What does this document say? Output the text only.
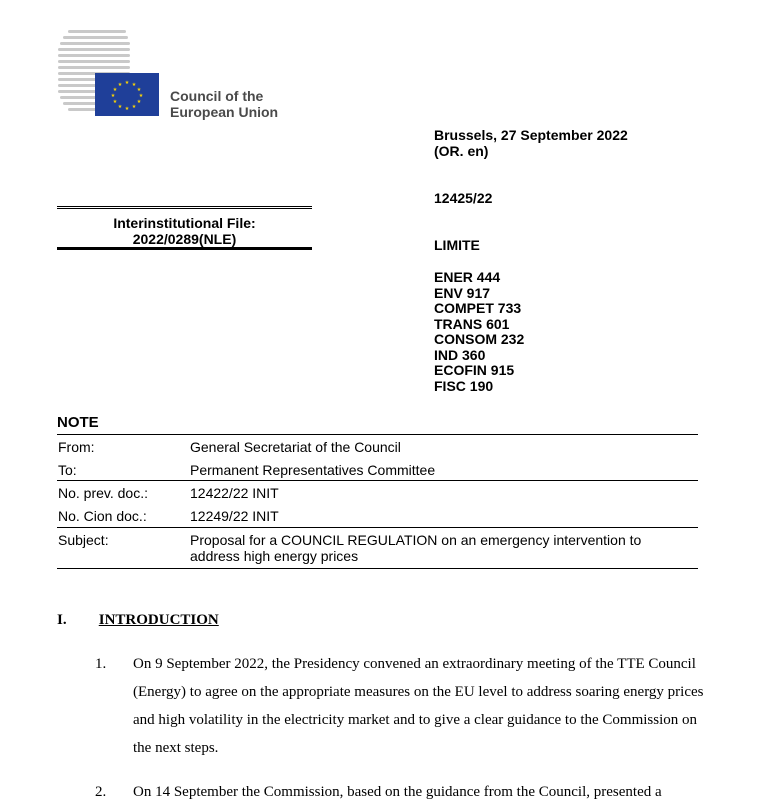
★ ★
★
★
★
★
★
★
★
★
★
★
Council of the
European Union
Brussels, 27 September 2022
(OR. en)
12425/22
LIMITE
ENER 444
ENV 917
COMPET 733
TRANS 601
CONSOM 232
IND 360
ECOFIN 915
FISC 190
Interinstitutional File:
2022/0289(NLE)
NOTE
From:	General Secretariat of the Council
To:	Permanent Representatives Committee
No. prev. doc.:	12422/22 INIT
No. Cion doc.:	12249/22 INIT
Subject:	Proposal for a COUNCIL REGULATION on an emergency intervention to address high energy prices
I. INTRODUCTION
1. On 9 September 2022, the Presidency convened an extraordinary meeting of the TTE Council (Energy) to agree on the appropriate measures on the EU level to address soaring energy prices and high volatility in the electricity market and to give a clear guidance to the Commission on the next steps.
2. On 14 September the Commission, based on the guidance from the Council, presented a
